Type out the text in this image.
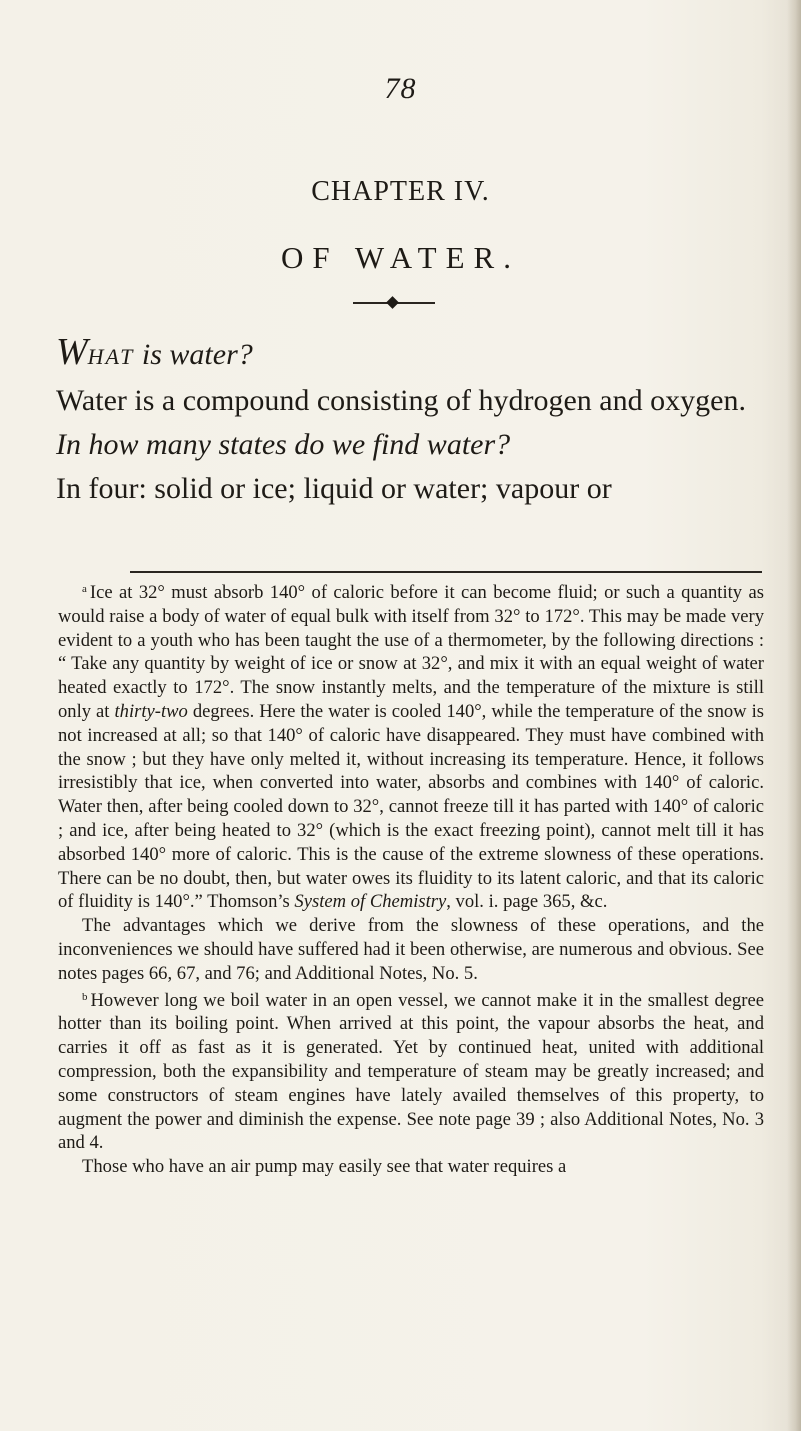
78
CHAPTER IV.
OF WATER.

WHAT is water?

Water is a compound consisting of hydrogen and oxygen.

In how many states do we find water?

In four: solid or ice; liquid or water; vapour or

$^a$ Ice at 32° must absorb 140° of caloric before it can become fluid; or such a quantity as would raise a body of water of equal bulk with itself from 32° to 172°. This may be made very evident to a youth who has been taught the use of a thermometer, by the following directions : “ Take any quantity by weight of ice or snow at 32°, and mix it with an equal weight of water heated exactly to 172°. The snow instantly melts, and the temperature of the mixture is still only at thirty-two degrees. Here the water is cooled 140°, while the temperature of the snow is not increased at all; so that 140° of caloric have disappeared. They must have combined with the snow ; but they have only melted it, without increasing its temperature. Hence, it follows irresistibly that ice, when converted into water, absorbs and combines with 140° of caloric. Water then, after being cooled down to 32°, cannot freeze till it has parted with 140° of caloric ; and ice, after being heated to 32° (which is the exact freezing point), cannot melt till it has absorbed 140° more of caloric. This is the cause of the extreme slowness of these operations. There can be no doubt, then, but water owes its fluidity to its latent caloric, and that its caloric of fluidity is 140°.” Thomson’s System of Chemistry, vol. i. page 365, &c.

The advantages which we derive from the slowness of these operations, and the inconveniences we should have suffered had it been otherwise, are numerous and obvious. See notes pages 66, 67, and 76; and Additional Notes, No. 5.

$^b$ However long we boil water in an open vessel, we cannot make it in the smallest degree hotter than its boiling point. When arrived at this point, the vapour absorbs the heat, and carries it off as fast as it is generated. Yet by continued heat, united with additional compression, both the expansibility and temperature of steam may be greatly increased; and some constructors of steam engines have lately availed themselves of this property, to augment the power and diminish the expense. See note page 39 ; also Additional Notes, No. 3 and 4.

Those who have an air pump may easily see that water requires a
